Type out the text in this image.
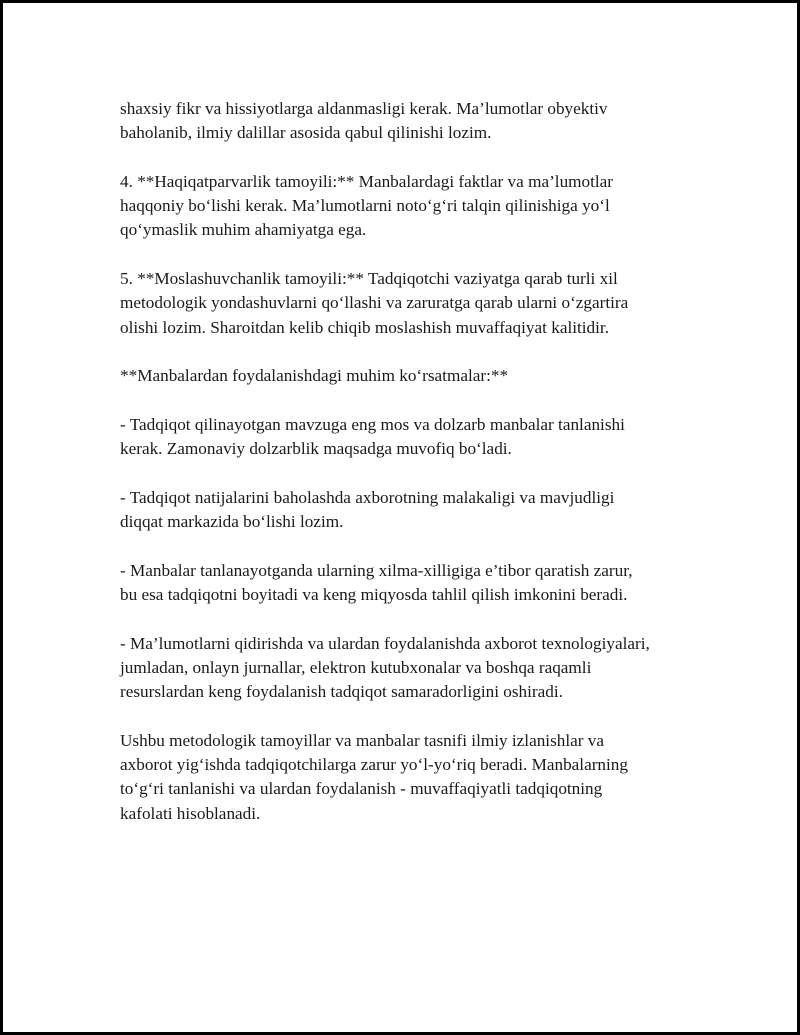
shaxsiy fikr va hissiyotlarga aldanmasligi kerak. Ma’lumotlar obyektiv
baholanib, ilmiy dalillar asosida qabul qilinishi lozim.

4. **Haqiqatparvarlik tamoyili:** Manbalardagi faktlar va ma’lumotlar
haqqoniy bo‘lishi kerak. Ma’lumotlarni noto‘g‘ri talqin qilinishiga yo‘l
qo‘ymaslik muhim ahamiyatga ega.

5. **Moslashuvchanlik tamoyili:** Tadqiqotchi vaziyatga qarab turli xil
metodologik yondashuvlarni qo‘llashi va zaruratga qarab ularni o‘zgartira
olishi lozim. Sharoitdan kelib chiqib moslashish muvaffaqiyat kalitidir.

**Manbalardan foydalanishdagi muhim ko‘rsatmalar:**

- Tadqiqot qilinayotgan mavzuga eng mos va dolzarb manbalar tanlanishi
kerak. Zamonaviy dolzarblik maqsadga muvofiq bo‘ladi.

- Tadqiqot natijalarini baholashda axborotning malakaligi va mavjudligi
diqqat markazida bo‘lishi lozim.

- Manbalar tanlanayotganda ularning xilma-xilligiga e’tibor qaratish zarur,
bu esa tadqiqotni boyitadi va keng miqyosda tahlil qilish imkonini beradi.

- Ma’lumotlarni qidirishda va ulardan foydalanishda axborot texnologiyalari,
jumladan, onlayn jurnallar, elektron kutubxonalar va boshqa raqamli
resurslardan keng foydalanish tadqiqot samaradorligini oshiradi.

Ushbu metodologik tamoyillar va manbalar tasnifi ilmiy izlanishlar va
axborot yig‘ishda tadqiqotchilarga zarur yo‘l-yo‘riq beradi. Manbalarning
to‘g‘ri tanlanishi va ulardan foydalanish - muvaffaqiyatli tadqiqotning
kafolati hisoblanadi.
